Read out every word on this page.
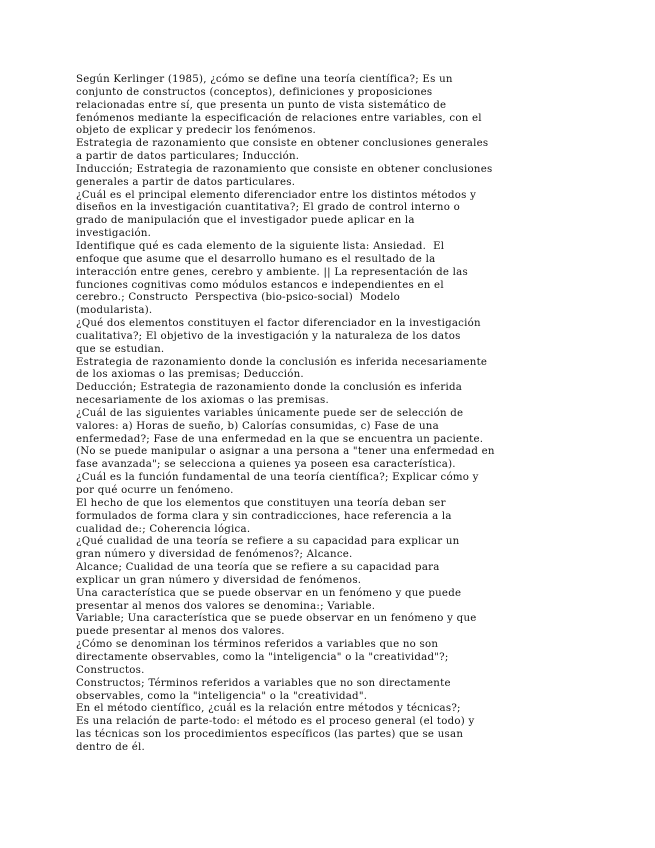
Según Kerlinger (1985), ¿cómo se define una teoría científica?; Es un
conjunto de constructos (conceptos), definiciones y proposiciones
relacionadas entre sí, que presenta un punto de vista sistemático de
fenómenos mediante la especificación de relaciones entre variables, con el
objeto de explicar y predecir los fenómenos.
Estrategia de razonamiento que consiste en obtener conclusiones generales
a partir de datos particulares; Inducción.
Inducción; Estrategia de razonamiento que consiste en obtener conclusiones
generales a partir de datos particulares.
¿Cuál es el principal elemento diferenciador entre los distintos métodos y
diseños en la investigación cuantitativa?; El grado de control interno o
grado de manipulación que el investigador puede aplicar en la
investigación.
Identifique qué es cada elemento de la siguiente lista: Ansiedad.  El
enfoque que asume que el desarrollo humano es el resultado de la
interacción entre genes, cerebro y ambiente. || La representación de las
funciones cognitivas como módulos estancos e independientes en el
cerebro.; Constructo  Perspectiva (bio-psico-social)  Modelo
(modularista).
¿Qué dos elementos constituyen el factor diferenciador en la investigación
cualitativa?; El objetivo de la investigación y la naturaleza de los datos
que se estudian.
Estrategia de razonamiento donde la conclusión es inferida necesariamente
de los axiomas o las premisas; Deducción.
Deducción; Estrategia de razonamiento donde la conclusión es inferida
necesariamente de los axiomas o las premisas.
¿Cuál de las siguientes variables únicamente puede ser de selección de
valores: a) Horas de sueño, b) Calorías consumidas, c) Fase de una
enfermedad?; Fase de una enfermedad en la que se encuentra un paciente.
(No se puede manipular o asignar a una persona a "tener una enfermedad en
fase avanzada"; se selecciona a quienes ya poseen esa característica).
¿Cuál es la función fundamental de una teoría científica?; Explicar cómo y
por qué ocurre un fenómeno.
El hecho de que los elementos que constituyen una teoría deban ser
formulados de forma clara y sin contradicciones, hace referencia a la
cualidad de:; Coherencia lógica.
¿Qué cualidad de una teoría se refiere a su capacidad para explicar un
gran número y diversidad de fenómenos?; Alcance.
Alcance; Cualidad de una teoría que se refiere a su capacidad para
explicar un gran número y diversidad de fenómenos.
Una característica que se puede observar en un fenómeno y que puede
presentar al menos dos valores se denomina:; Variable.
Variable; Una característica que se puede observar en un fenómeno y que
puede presentar al menos dos valores.
¿Cómo se denominan los términos referidos a variables que no son
directamente observables, como la "inteligencia" o la "creatividad"?;
Constructos.
Constructos; Términos referidos a variables que no son directamente
observables, como la "inteligencia" o la "creatividad".
En el método científico, ¿cuál es la relación entre métodos y técnicas?;
Es una relación de parte-todo: el método es el proceso general (el todo) y
las técnicas son los procedimientos específicos (las partes) que se usan
dentro de él.
